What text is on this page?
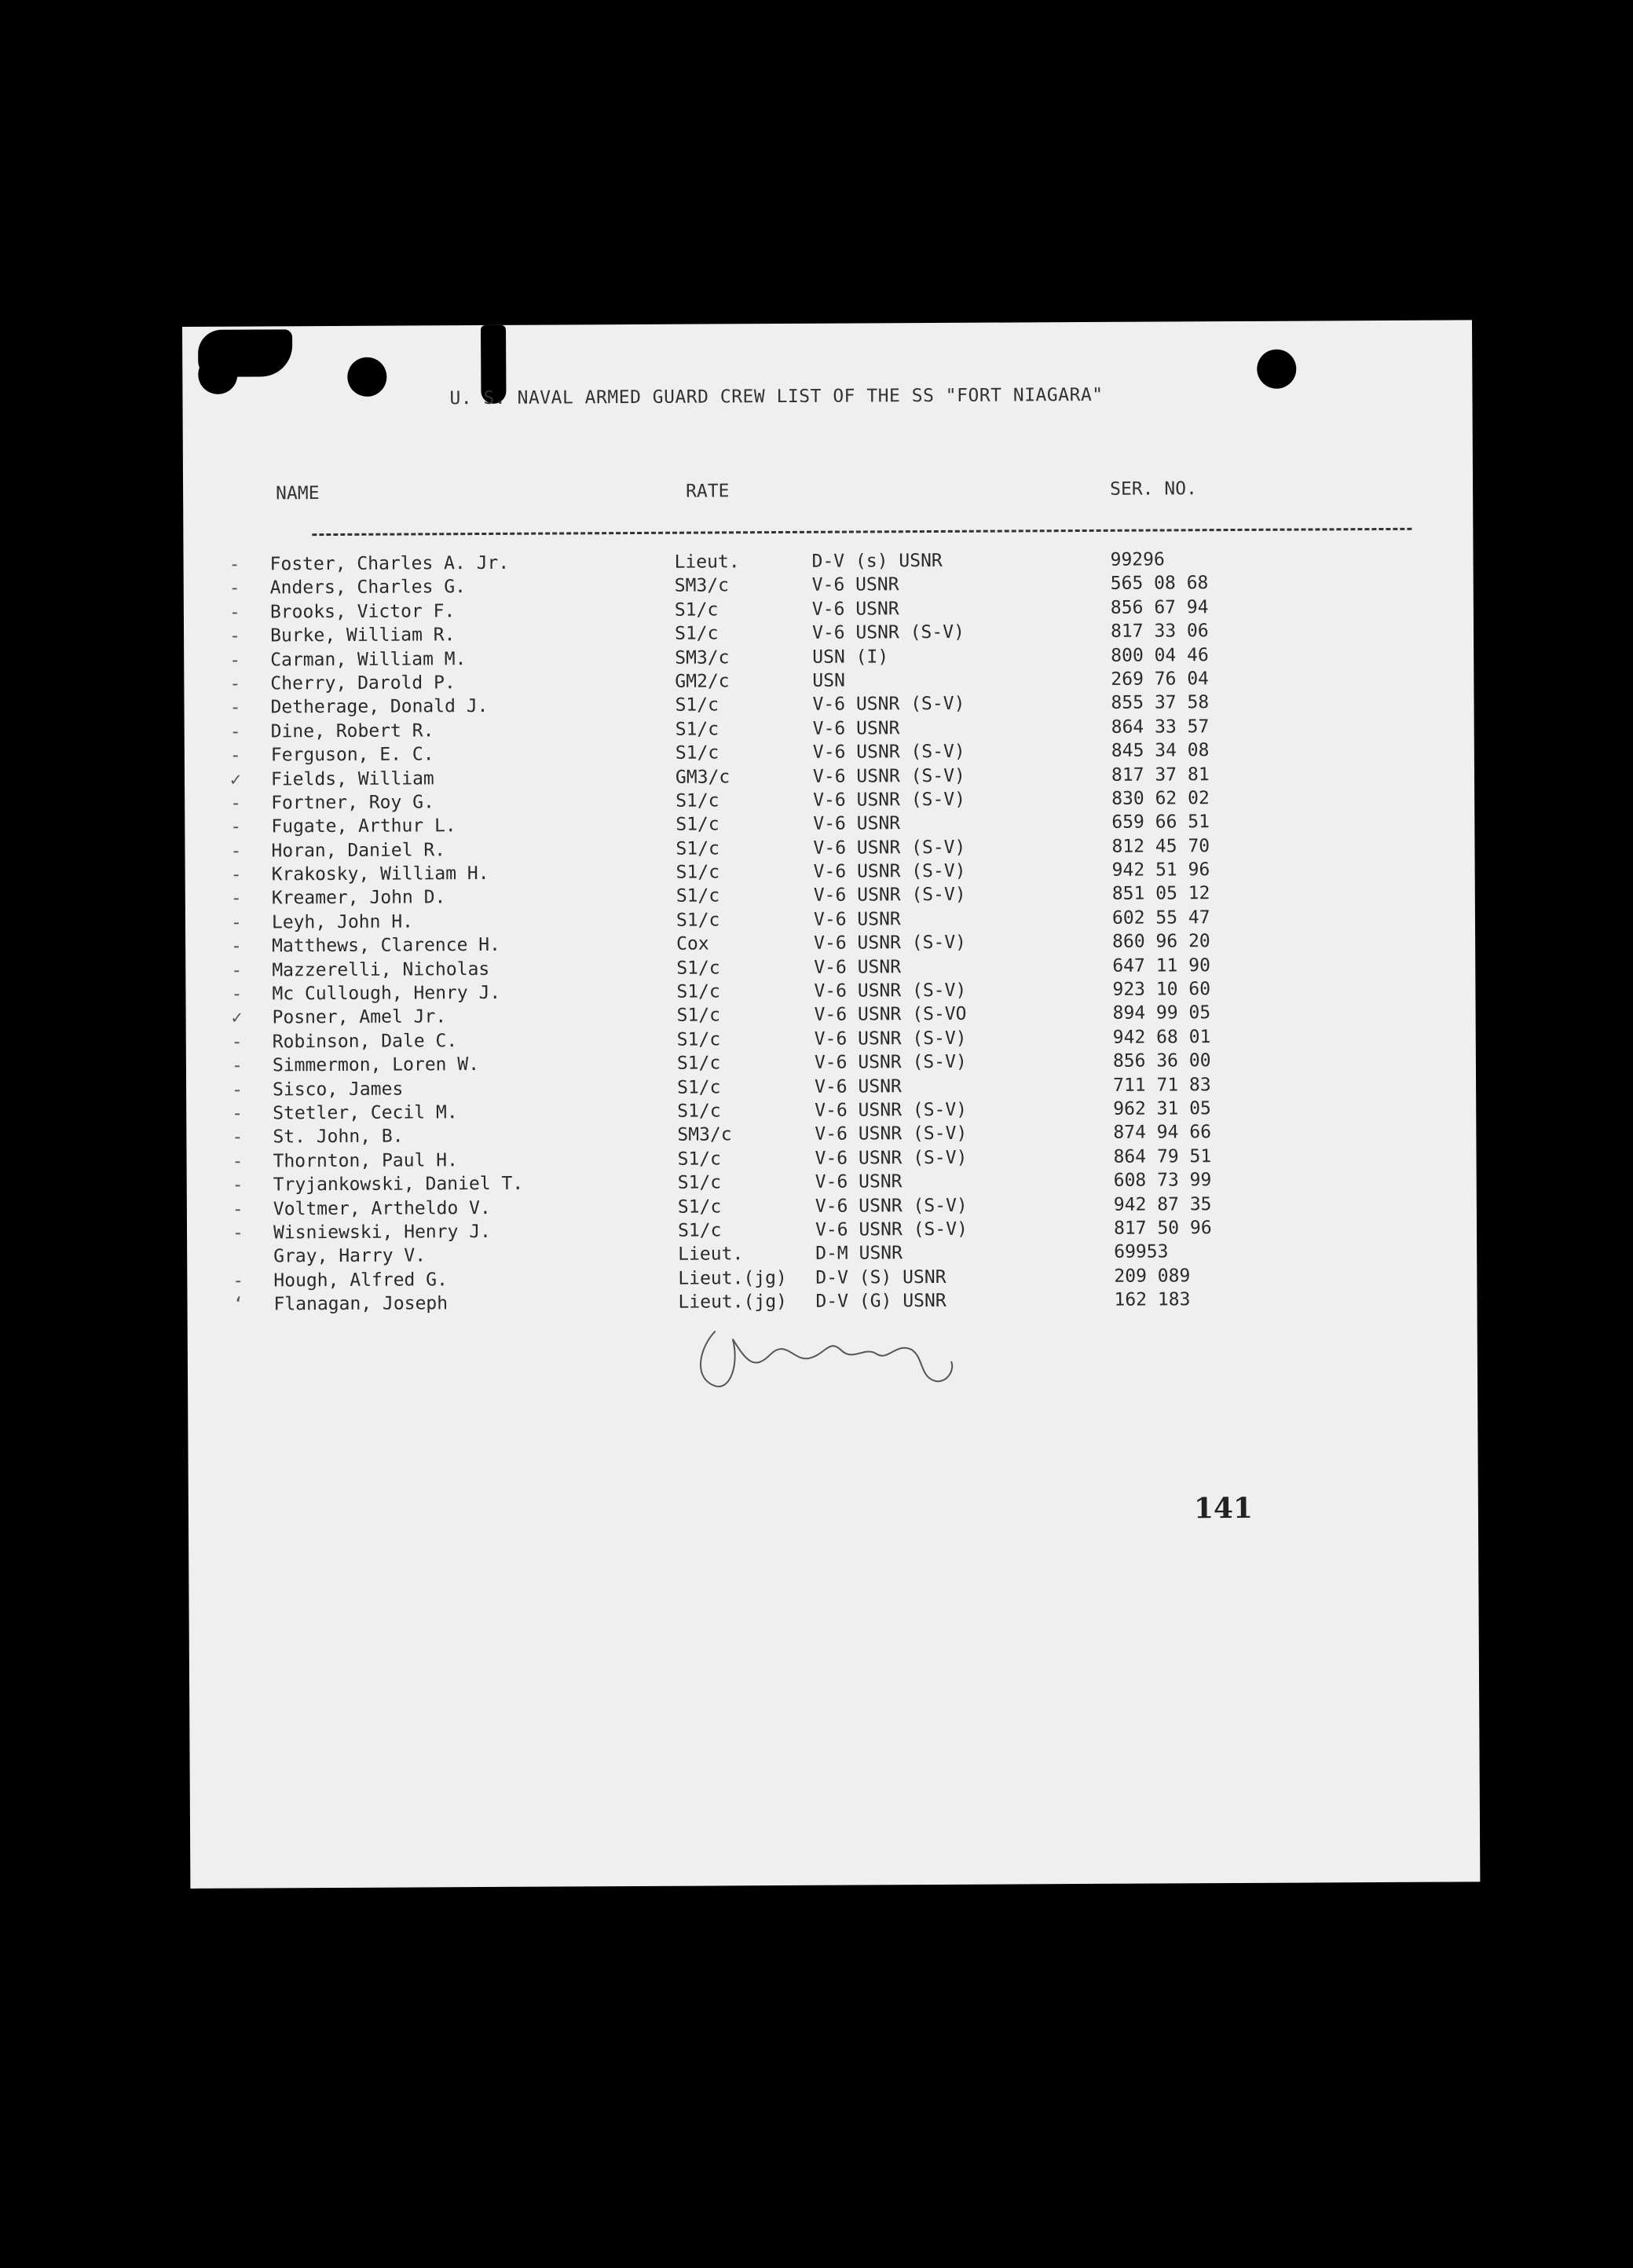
U. S. NAVAL ARMED GUARD CREW LIST OF THE SS "FORT NIAGARA"
NAME	RATE	SER. NO.
‐ Foster, Charles A. Jr.	Lieut.	D-V (s) USNR	99296
‐ Anders, Charles G.	SM3/c	V-6 USNR	565 08 68
‐ Brooks, Victor F.	S1/c	V-6 USNR	856 67 94
‐ Burke, William R.	S1/c	V-6 USNR (S-V)	817 33 06
‐ Carman, William M.	SM3/c	USN (I)	800 04 46
‐ Cherry, Darold P.	GM2/c	USN	269 76 04
‐ Detherage, Donald J.	S1/c	V-6 USNR (S-V)	855 37 58
‐ Dine, Robert R.	S1/c	V-6 USNR	864 33 57
‐ Ferguson, E. C.	S1/c	V-6 USNR (S-V)	845 34 08
✓ Fields, William	GM3/c	V-6 USNR (S-V)	817 37 81
‐ Fortner, Roy G.	S1/c	V-6 USNR (S-V)	830 62 02
‐ Fugate, Arthur L.	S1/c	V-6 USNR	659 66 51
‐ Horan, Daniel R.	S1/c	V-6 USNR (S-V)	812 45 70
‐ Krakosky, William H.	S1/c	V-6 USNR (S-V)	942 51 96
‐ Kreamer, John D.	S1/c	V-6 USNR (S-V)	851 05 12
‐ Leyh, John H.	S1/c	V-6 USNR	602 55 47
‐ Matthews, Clarence H.	Cox	V-6 USNR (S-V)	860 96 20
‐ Mazzerelli, Nicholas	S1/c	V-6 USNR	647 11 90
‐ Mc Cullough, Henry J.	S1/c	V-6 USNR (S-V)	923 10 60
✓ Posner, Amel Jr.	S1/c	V-6 USNR (S-VO	894 99 05
‐ Robinson, Dale C.	S1/c	V-6 USNR (S-V)	942 68 01
‐ Simmermon, Loren W.	S1/c	V-6 USNR (S-V)	856 36 00
‐ Sisco, James	S1/c	V-6 USNR	711 71 83
‐ Stetler, Cecil M.	S1/c	V-6 USNR (S-V)	962 31 05
‐ St. John, B.	SM3/c	V-6 USNR (S-V)	874 94 66
‐ Thornton, Paul H.	S1/c	V-6 USNR (S-V)	864 79 51
‐ Tryjankowski, Daniel T.	S1/c	V-6 USNR	608 73 99
‐ Voltmer, Artheldo V.	S1/c	V-6 USNR (S-V)	942 87 35
‐ Wisniewski, Henry J.	S1/c	V-6 USNR (S-V)	817 50 96
Gray, Harry V.	Lieut.	D-M USNR	69953
‐ Hough, Alfred G.	Lieut.(jg) D-V (S) USNR	209 089
ʻ Flanagan, Joseph	Lieut.(jg) D-V (G) USNR	162 183
141
